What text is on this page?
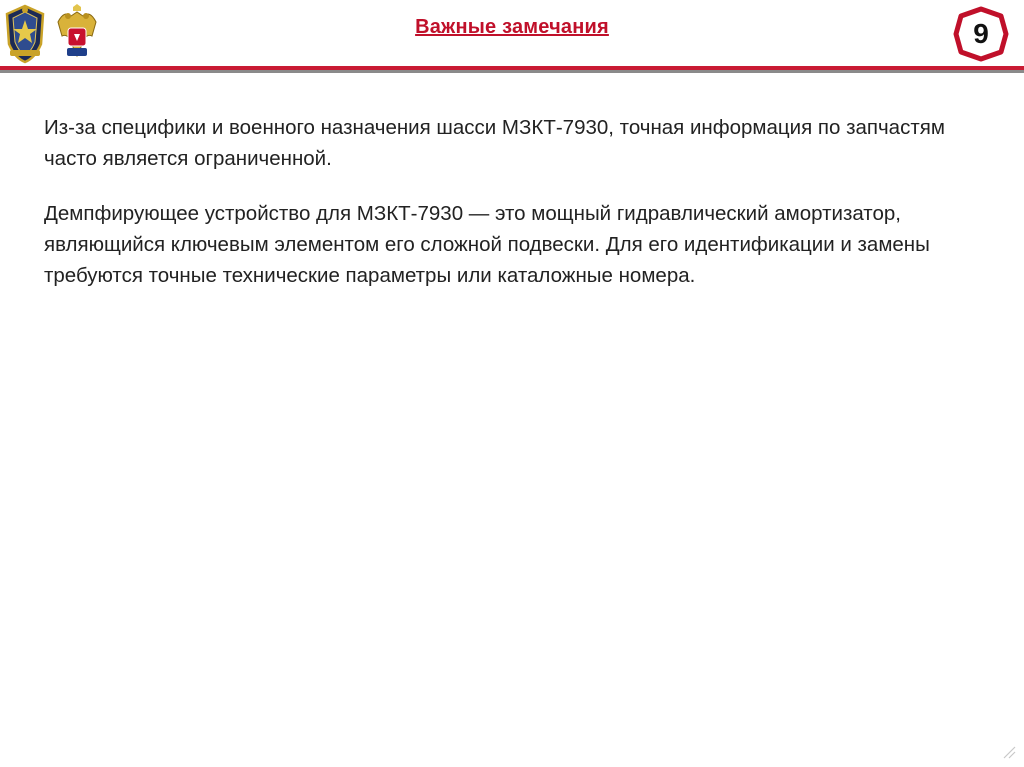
Важные замечания	9

Из-за специфики и военного назначения шасси МЗКТ-7930, точная информация по запчастям часто является ограниченной.

Демпфирующее устройство для МЗКТ-7930 — это мощный гидравлический амортизатор, являющийся ключевым элементом его сложной подвески. Для его идентификации и замены требуются точные технические параметры или каталожные номера.
